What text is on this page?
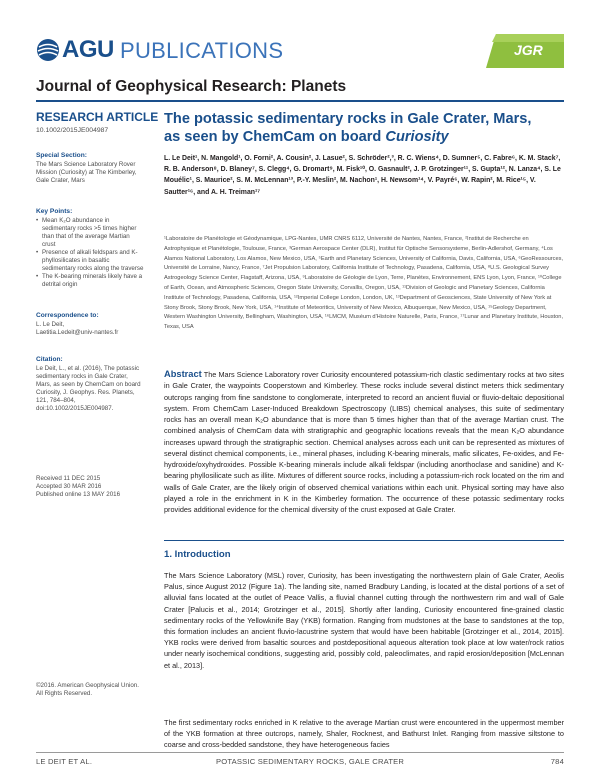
AGU PUBLICATIONS	JGR
Journal of Geophysical Research: Planets
RESEARCH ARTICLE
10.1002/2015JE004987
Special Section:
The Mars Science Laboratory Rover Mission (Curiosity) at The Kimberley, Gale Crater, Mars
Key Points:
• Mean K₂O abundance in sedimentary rocks >5 times higher than that of the average Martian crust
• Presence of alkali feldspars and K-phyllosilicates in basaltic sedimentary rocks along the traverse
• The K-bearing minerals likely have a detrital origin
Correspondence to:
L. Le Deit,
Laetitia.Ledeit@univ-nantes.fr
Citation:
Le Deit, L., et al. (2016), The potassic sedimentary rocks in Gale Crater, Mars, as seen by ChemCam on board Curiosity, J. Geophys. Res. Planets, 121, 784–804, doi:10.1002/2015JE004987.
Received 11 DEC 2015
Accepted 30 MAR 2016
Published online 13 MAY 2016
©2016. American Geophysical Union. All Rights Reserved.
The potassic sedimentary rocks in Gale Crater, Mars,
as seen by ChemCam on board Curiosity
L. Le Deit¹, N. Mangold¹, O. Forni², A. Cousin², J. Lasue², S. Schröder²,³, R. C. Wiens⁴, D. Sumner⁵, C. Fabre⁶, K. M. Stack⁷, R. B. Anderson⁸, D. Blaney⁷, S. Clegg⁴, G. Dromart⁹, M. Fisk¹⁰, O. Gasnault², J. P. Grotzinger¹¹, S. Gupta¹², N. Lanza⁴, S. Le Mouélic¹, S. Maurice², S. M. McLennan¹³, P.-Y. Meslin², M. Nachon¹, H. Newsom¹⁴, V. Payré⁶, W. Rapin², M. Rice¹⁵, V. Sautter¹⁶, and A. H. Treiman¹⁷
¹Laboratoire de Planétologie et Géodynamique, LPG-Nantes, UMR CNRS 6112, Université de Nantes, Nantes, France, ²Institut de Recherche en Astrophysique et Planétologie, Toulouse, France, ³German Aerospace Center (DLR), Institut für Optische Sensorsysteme, Berlin-Adlershof, Germany, ⁴Los Alamos National Laboratory, Los Alamos, New Mexico, USA, ⁵Earth and Planetary Sciences, University of California, Davis, California, USA, ⁶GeoRessources, Université de Lorraine, Nancy, France, ⁷Jet Propulsion Laboratory, California Institute of Technology, Pasadena, California, USA, ⁸U.S. Geological Survey Astrogeology Science Center, Flagstaff, Arizona, USA, ⁹Laboratoire de Géologie de Lyon, Terre, Planètes, Environnement, ENS Lyon, Lyon, France, ¹⁰College of Earth, Ocean, and Atmospheric Sciences, Oregon State University, Corvallis, Oregon, USA, ¹¹Division of Geologic and Planetary Sciences, California Institute of Technology, Pasadena, California, USA, ¹²Imperial College London, London, UK, ¹³Department of Geosciences, State University of New York at Stony Brook, Stony Brook, New York, USA, ¹⁴Institute of Meteoritics, University of New Mexico, Albuquerque, New Mexico, USA, ¹⁵Geology Department, Western Washington University, Bellingham, Washington, USA, ¹⁶LMCM, Muséum d'Histoire Naturelle, Paris, France, ¹⁷Lunar and Planetary Institute, Houston, Texas, USA
Abstract The Mars Science Laboratory rover Curiosity encountered potassium-rich clastic sedimentary rocks at two sites in Gale Crater, the waypoints Cooperstown and Kimberley. These rocks include several distinct meters thick sedimentary outcrops ranging from fine sandstone to conglomerate, interpreted to record an ancient fluvial or fluvio-deltaic depositional system. From ChemCam Laser-Induced Breakdown Spectroscopy (LIBS) chemical analyses, this suite of sedimentary rocks has an overall mean K₂O abundance that is more than 5 times higher than that of the average Martian crust. The combined analysis of ChemCam data with stratigraphic and geographic locations reveals that the mean K₂O abundance increases upward through the stratigraphic section. Chemical analyses across each unit can be represented as mixtures of several distinct chemical components, i.e., mineral phases, including K-bearing minerals, mafic silicates, Fe-oxides, and Fe-hydroxide/oxyhydroxides. Possible K-bearing minerals include alkali feldspar (including anorthoclase and sanidine) and K-bearing phyllosilicate such as illite. Mixtures of different source rocks, including a potassium-rich rock located on the rim and walls of Gale Crater, are the likely origin of observed chemical variations within each unit. Physical sorting may have also played a role in the enrichment in K in the Kimberley formation. The occurrence of these potassic sedimentary rocks provides additional evidence for the chemical diversity of the crust exposed at Gale Crater.
1. Introduction
The Mars Science Laboratory (MSL) rover, Curiosity, has been investigating the northwestern plain of Gale Crater, Aeolis Palus, since August 2012 (Figure 1a). The landing site, named Bradbury Landing, is located at the distal portions of a set of alluvial fans located at the outlet of Peace Vallis, a fluvial channel cutting through the northwestern rim and wall of Gale Crater [Palucis et al., 2014; Grotzinger et al., 2015]. Shortly after landing, Curiosity encountered fine-grained clastic sedimentary rocks of the Yellowknife Bay (YKB) formation. Ranging from mudstones at the base to sandstones at the top, this formation includes an ancient fluvio-lacustrine system that would have been habitable [Grotzinger et al., 2014, 2015]. YKB rocks were derived from basaltic sources and postdepositional aqueous alteration took place at low water/rock ratios under nearly isochemical conditions, suggesting arid, possibly cold, paleoclimates, and rapid erosion/deposition [McLennan et al., 2013].
The first sedimentary rocks enriched in K relative to the average Martian crust were encountered in the uppermost member of the YKB formation at three outcrops, namely, Shaler, Rocknest, and Bathurst Inlet. Ranging from massive siltstone to coarse and cross-bedded sandstone, they have heterogeneous facies
LE DEIT ET AL.	POTASSIC SEDIMENTARY ROCKS, GALE CRATER	784
